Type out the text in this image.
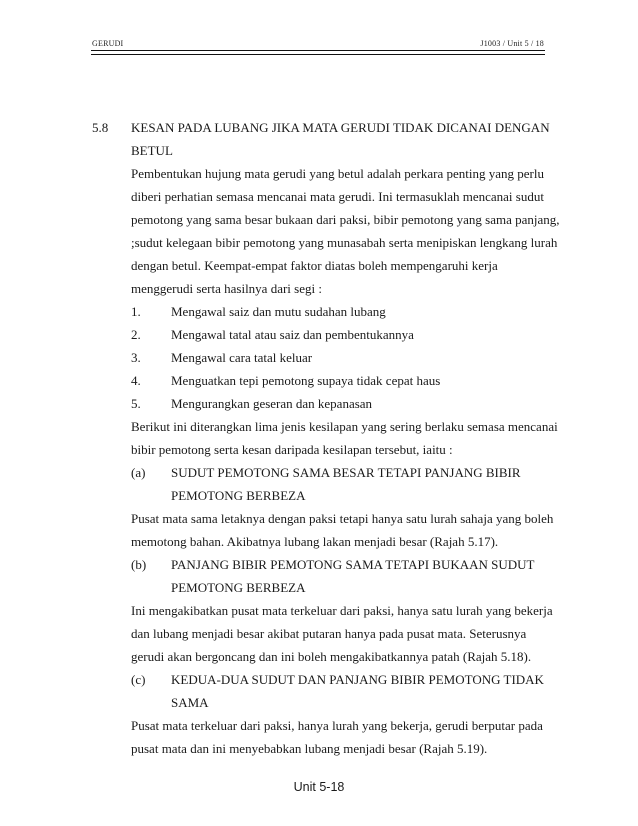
GERUDI	J1003 / Unit 5 / 18
5.8 KESAN PADA LUBANG JIKA MATA GERUDI TIDAK DICANAI DENGAN
BETUL
Pembentukan hujung mata gerudi yang betul adalah perkara penting yang perlu
diberi perhatian semasa mencanai mata gerudi. Ini termasuklah mencanai sudut
pemotong yang sama besar bukaan dari paksi, bibir pemotong yang sama panjang,
;sudut kelegaan bibir pemotong yang munasabah serta menipiskan lengkang lurah
dengan betul. Keempat-empat faktor diatas boleh mempengaruhi kerja
menggerudi serta hasilnya dari segi :
1. Mengawal saiz dan mutu sudahan lubang
2. Mengawal tatal atau saiz dan pembentukannya
3. Mengawal cara tatal keluar
4. Menguatkan tepi pemotong supaya tidak cepat haus
5. Mengurangkan geseran dan kepanasan
Berikut ini diterangkan lima jenis kesilapan yang sering berlaku semasa mencanai
bibir pemotong serta kesan daripada kesilapan tersebut, iaitu :
(a) SUDUT PEMOTONG SAMA BESAR TETAPI PANJANG BIBIR
PEMOTONG BERBEZA
Pusat mata sama letaknya dengan paksi tetapi hanya satu lurah sahaja yang boleh
memotong bahan. Akibatnya lubang lakan menjadi besar (Rajah 5.17).
(b) PANJANG BIBIR PEMOTONG SAMA TETAPI BUKAAN SUDUT
PEMOTONG BERBEZA
Ini mengakibatkan pusat mata terkeluar dari paksi, hanya satu lurah yang bekerja
dan lubang menjadi besar akibat putaran hanya pada pusat mata. Seterusnya
gerudi akan bergoncang dan ini boleh mengakibatkannya patah (Rajah 5.18).
(c) KEDUA-DUA SUDUT DAN PANJANG BIBIR PEMOTONG TIDAK
SAMA
Pusat mata terkeluar dari paksi, hanya lurah yang bekerja, gerudi berputar pada
pusat mata dan ini menyebabkan lubang menjadi besar (Rajah 5.19).
Unit 5-18
